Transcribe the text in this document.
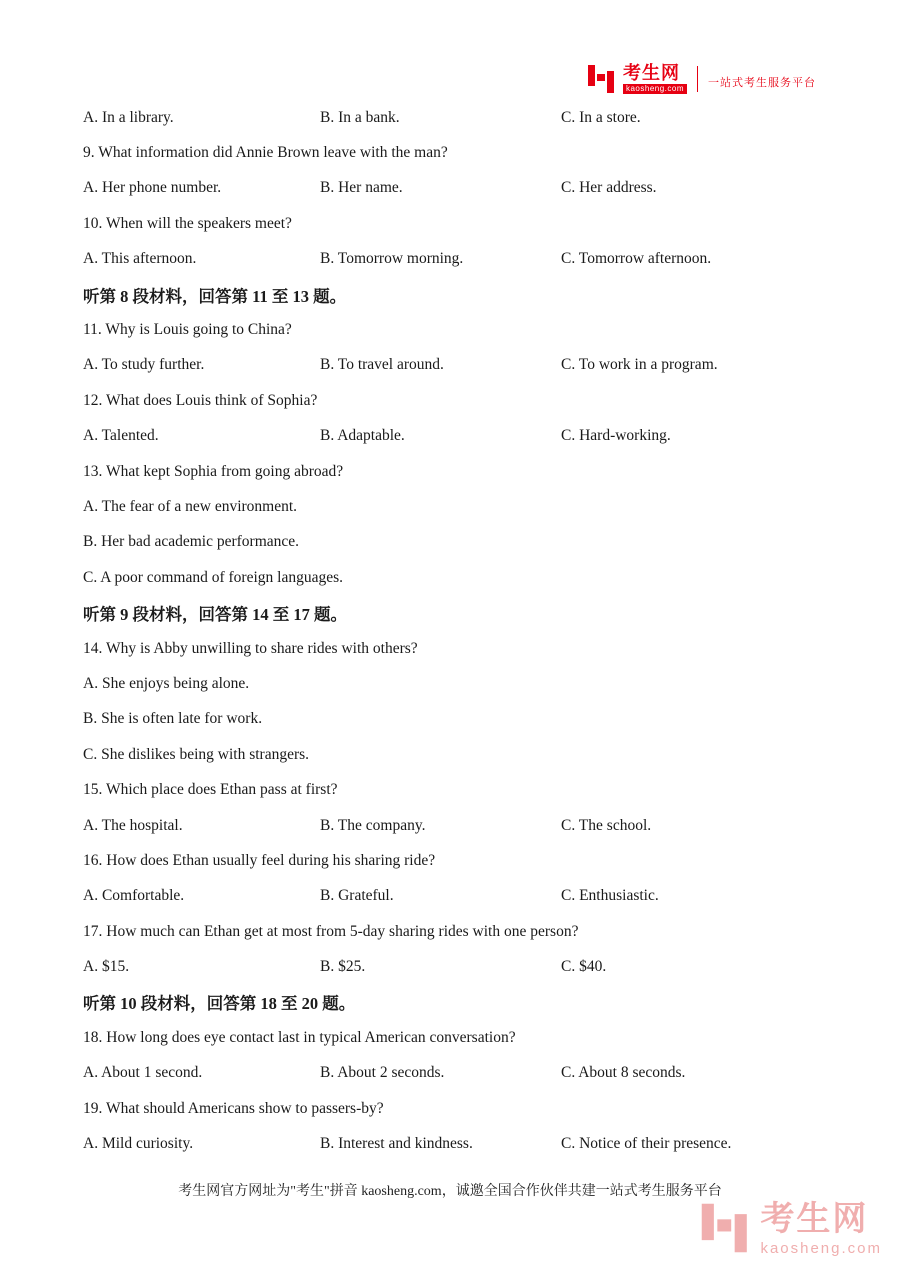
考生网
kaosheng.com 一站式考生服务平台
A. In a library.	B. In a bank.	C. In a store.
9. What information did Annie Brown leave with the man?
A. Her phone number.	B. Her name.	C. Her address.
10. When will the speakers meet?
A. This afternoon.	B. Tomorrow morning.	C. Tomorrow afternoon.
听第 8 段材料，回答第 11 至 13 题。
11. Why is Louis going to China?
A. To study further.	B. To travel around.	C. To work in a program.
12. What does Louis think of Sophia?
A. Talented.	B. Adaptable.	C. Hard-working.
13. What kept Sophia from going abroad?
A. The fear of a new environment.
B. Her bad academic performance.
C. A poor command of foreign languages.
听第 9 段材料，回答第 14 至 17 题。
14. Why is Abby unwilling to share rides with others?
A. She enjoys being alone.
B. She is often late for work.
C. She dislikes being with strangers.
15. Which place does Ethan pass at first?
A. The hospital.	B. The company.	C. The school.
16. How does Ethan usually feel during his sharing ride?
A. Comfortable.	B. Grateful.	C. Enthusiastic.
17. How much can Ethan get at most from 5-day sharing rides with one person?
A. $15.	B. $25.	C. $40.
听第 10 段材料，回答第 18 至 20 题。
18. How long does eye contact last in typical American conversation?
A. About 1 second.	B. About 2 seconds.	C. About 8 seconds.
19. What should Americans show to passers-by?
A. Mild curiosity.	B. Interest and kindness.	C. Notice of their presence.
考生网官方网址为"考生"拼音 kaosheng.com，诚邀全国合作伙伴共建一站式考生服务平台
考生网
kaosheng.com
